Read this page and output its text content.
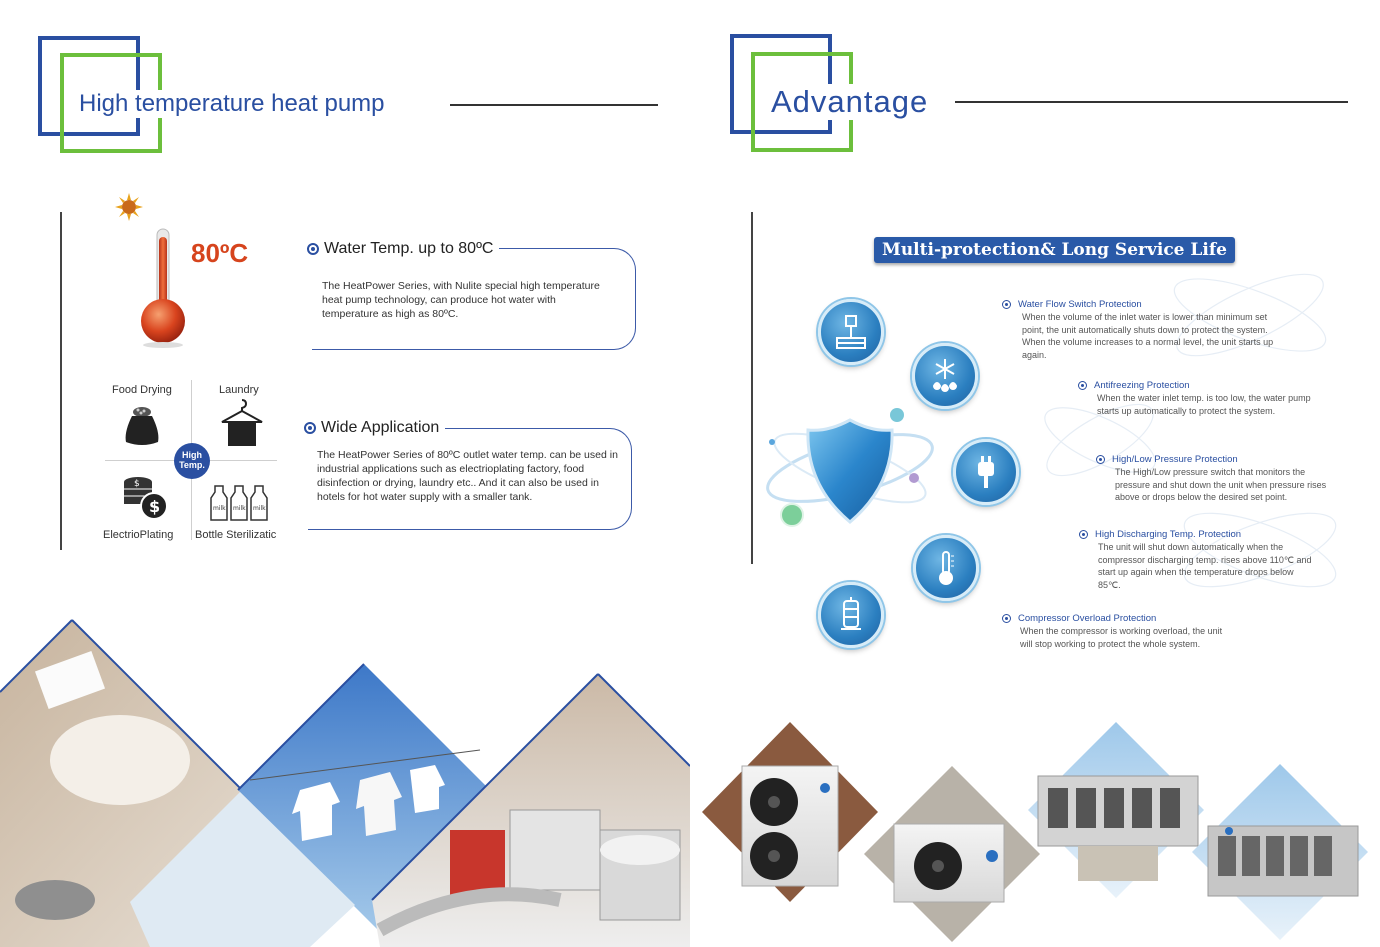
High temperature heat pump
80ºC	Water Temp. up to 80ºC
The HeatPower Series, with Nulite special high temperature heat pump technology, can produce hot water with temperature as high as 80ºC.
Wide Application
The HeatPower Series of 80ºC outlet water temp. can be used in industrial applications such as electrioplating factory, food disinfection or drying, laundry etc.. And it can also be used in hotels for hot water supply with a smaller tank.
Food Drying	Laundry
ElectrioPlating Bottle Sterilizatic
$
$	milk milk milk
High
Temp.
Advantage
Multi-protection& Long Service Life
Water Flow Switch Protection
When the volume of the inlet water is lower than minimum set point, the unit automatically shuts down to protect the system. When the volume increases to a normal level, the unit starts up again.
Antifreezing Protection
When the water inlet temp. is too low, the water pump starts up automatically to protect the system.
High/Low Pressure Protection
The High/Low pressure switch that monitors the pressure and shut down the unit when pressure rises above or drops below the desired set point.
High Discharging Temp. Protection
The unit will shut down automatically when the compressor discharging temp. rises above 110℃ and start up again when the temperature drops below 85℃.
Compressor Overload Protection
When the compressor is working overload, the unit will stop working to protect the whole system.
